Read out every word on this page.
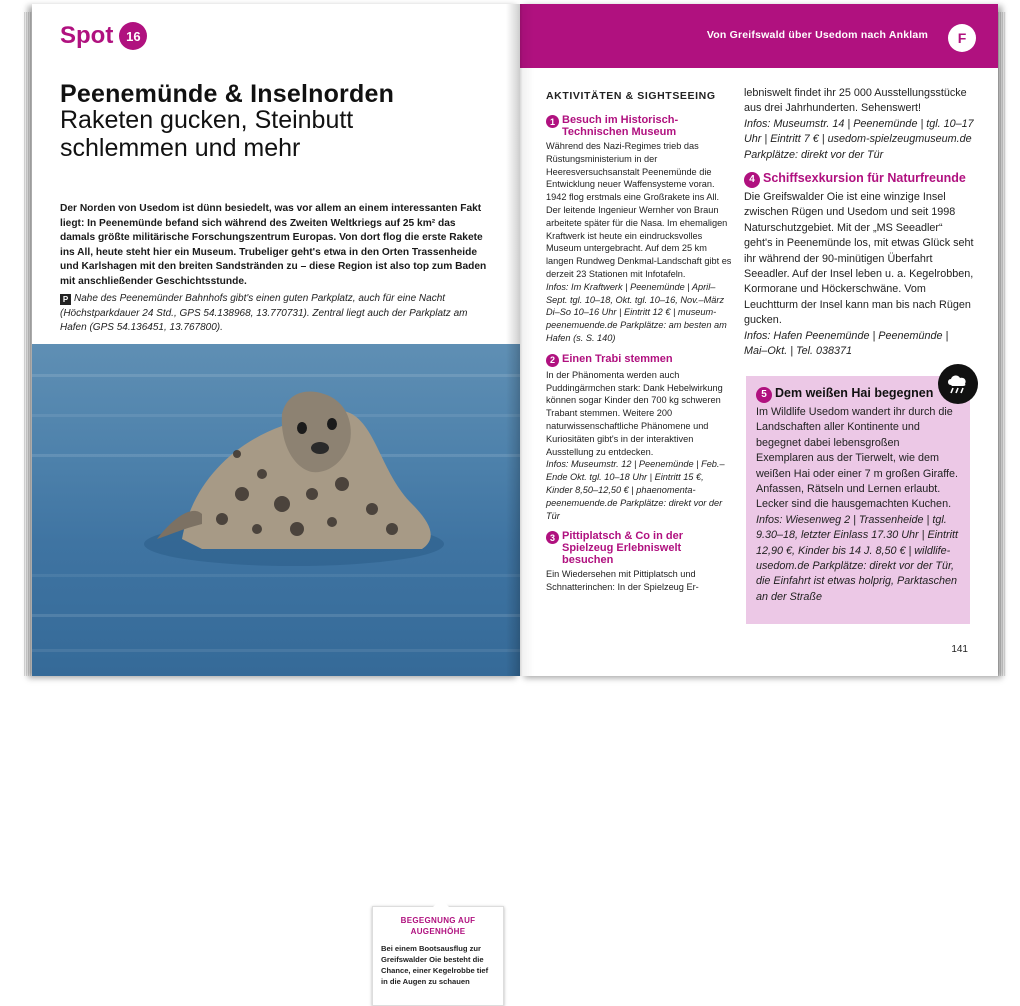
Spot 16
Peenemünde & Inselnorden
Raketen gucken, Steinbutt schlemmen und mehr
Der Norden von Usedom ist dünn besiedelt, was vor allem an einem interessanten Fakt liegt: In Peenemünde befand sich während des Zweiten Weltkriegs auf 25 km² das damals größte militärische Forschungszentrum Europas. Von dort flog die erste Rakete ins All, heute steht hier ein Museum. Trubeliger geht's etwa in den Orten Trassenheide und Karlshagen mit den breiten Sandstränden zu – diese Region ist also top zum Baden mit anschließender Geschichtsstunde.
P Nahe des Peenemünder Bahnhofs gibt's einen guten Parkplatz, auch für eine Nacht (Höchstparkdauer 24 Std., GPS 54.138968, 13.770731). Zentral liegt auch der Parkplatz am Hafen (GPS 54.136451, 13.767800).
BEGEGNUNG AUF AUGENHÖHE
Bei einem Bootsausflug zur Greifswalder Oie besteht die Chance, einer Kegelrobbe tief in die Augen zu schauen
Von Greifswald über Usedom nach Anklam	F
AKTIVITÄTEN & SIGHTSEEING
1 Besuch im Historisch-Technischen Museum
Während des Nazi-Regimes trieb das Rüstungsministerium in der Heeresversuchsanstalt Peenemünde die Entwicklung neuer Waffensysteme voran. 1942 flog erstmals eine Großrakete ins All. Der leitende Ingenieur Wernher von Braun arbeitete später für die Nasa. Im ehemaligen Kraftwerk ist heute ein eindrucksvolles Museum untergebracht. Auf dem 25 km langen Rundweg Denkmal-Landschaft gibt es derzeit 23 Stationen mit Infotafeln.
Infos: Im Kraftwerk | Peenemünde | April–Sept. tgl. 10–18, Okt. tgl. 10–16, Nov.–März Di–So 10–16 Uhr | Eintritt 12 € | museum-peenemuende.de Parkplätze: am besten am Hafen (s. S. 140)
2 Einen Trabi stemmen
In der Phänomenta werden auch Puddingärmchen stark: Dank Hebelwirkung können sogar Kinder den 700 kg schweren Trabant stemmen. Weitere 200 naturwissenschaftliche Phänomene und Kuriositäten gibt's in der interaktiven Ausstellung zu entdecken.
Infos: Museumstr. 12 | Peenemünde | Feb.–Ende Okt. tgl. 10–18 Uhr | Eintritt 15 €, Kinder 8,50–12,50 € | phaenomenta-peenemuende.de Parkplätze: direkt vor der Tür
3 Pittiplatsch & Co in der Spielzeug Erlebniswelt besuchen
Ein Wiedersehen mit Pittiplatsch und Schnatterinchen: In der Spielzeug Er-
lebniswelt findet ihr 25 000 Ausstellungsstücke aus drei Jahrhunderten. Sehenswert!
Infos: Museumstr. 14 | Peenemünde | tgl. 10–17 Uhr | Eintritt 7 € | usedom-spielzeugmuseum.de Parkplätze: direkt vor der Tür
4 Schiffsexkursion für Naturfreunde
Die Greifswalder Oie ist eine winzige Insel zwischen Rügen und Usedom und seit 1998 Naturschutzgebiet. Mit der „MS Seeadler“ geht's in Peenemünde los, mit etwas Glück seht ihr während der 90-minütigen Überfahrt Seeadler. Auf der Insel leben u. a. Kegelrobben, Kormorane und Höckerschwäne. Vom Leuchtturm der Insel kann man bis nach Rügen gucken.
Infos: Hafen Peenemünde | Peenemünde | Mai–Okt. | Tel. 038371
5 Dem weißen Hai begegnen
Im Wildlife Usedom wandert ihr durch die Landschaften aller Kontinente und begegnet dabei lebensgroßen Exemplaren aus der Tierwelt, wie dem weißen Hai oder einer 7 m großen Giraffe. Anfassen, Rätseln und Lernen erlaubt. Lecker sind die hausgemachten Kuchen.
Infos: Wiesenweg 2 | Trassenheide | tgl. 9.30–18, letzter Einlass 17.30 Uhr | Eintritt 12,90 €, Kinder bis 14 J. 8,50 € | wildlife-usedom.de Parkplätze: direkt vor der Tür, die Einfahrt ist etwas holprig, Parktaschen an der Straße
141
